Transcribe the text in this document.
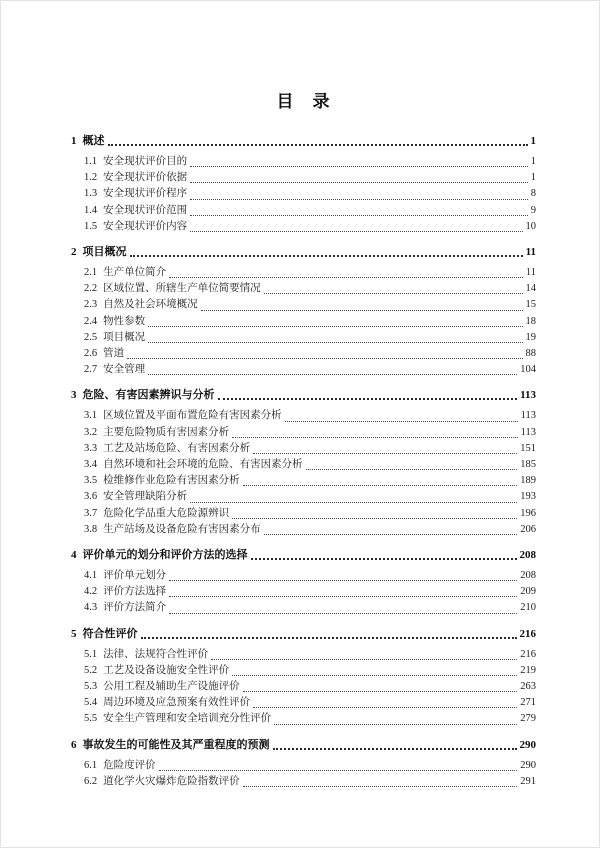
目　录
1 概述	1
1.1 安全现状评价目的	1
1.2 安全现状评价依据	1
1.3 安全现状评价程序	8
1.4 安全现状评价范围	9
1.5 安全现状评价内容	10
2 项目概况	11
2.1 生产单位简介	11
2.2 区域位置、所辖生产单位简要情况	14
2.3 自然及社会环境概况	15
2.4 物性参数	18
2.5 项目概况	19
2.6 管道	88
2.7 安全管理	104
3 危险、有害因素辨识与分析	113
3.1 区域位置及平面布置危险有害因素分析	113
3.2 主要危险物质有害因素分析	113
3.3 工艺及站场危险、有害因素分析	151
3.4 自然环境和社会环境的危险、有害因素分析	185
3.5 检维修作业危险有害因素分析	189
3.6 安全管理缺陷分析	193
3.7 危险化学品重大危险源辨识	196
3.8 生产站场及设备危险有害因素分布	206
4 评价单元的划分和评价方法的选择	208
4.1 评价单元划分	208
4.2 评价方法选择	209
4.3 评价方法简介	210
5 符合性评价	216
5.1 法律、法规符合性评价	216
5.2 工艺及设备设施安全性评价	219
5.3 公用工程及辅助生产设施评价	263
5.4 周边环境及应急预案有效性评价	271
5.5 安全生产管理和安全培训充分性评价	279
6 事故发生的可能性及其严重程度的预测	290
6.1 危险度评价	290
6.2 道化学火灾爆炸危险指数评价	291
